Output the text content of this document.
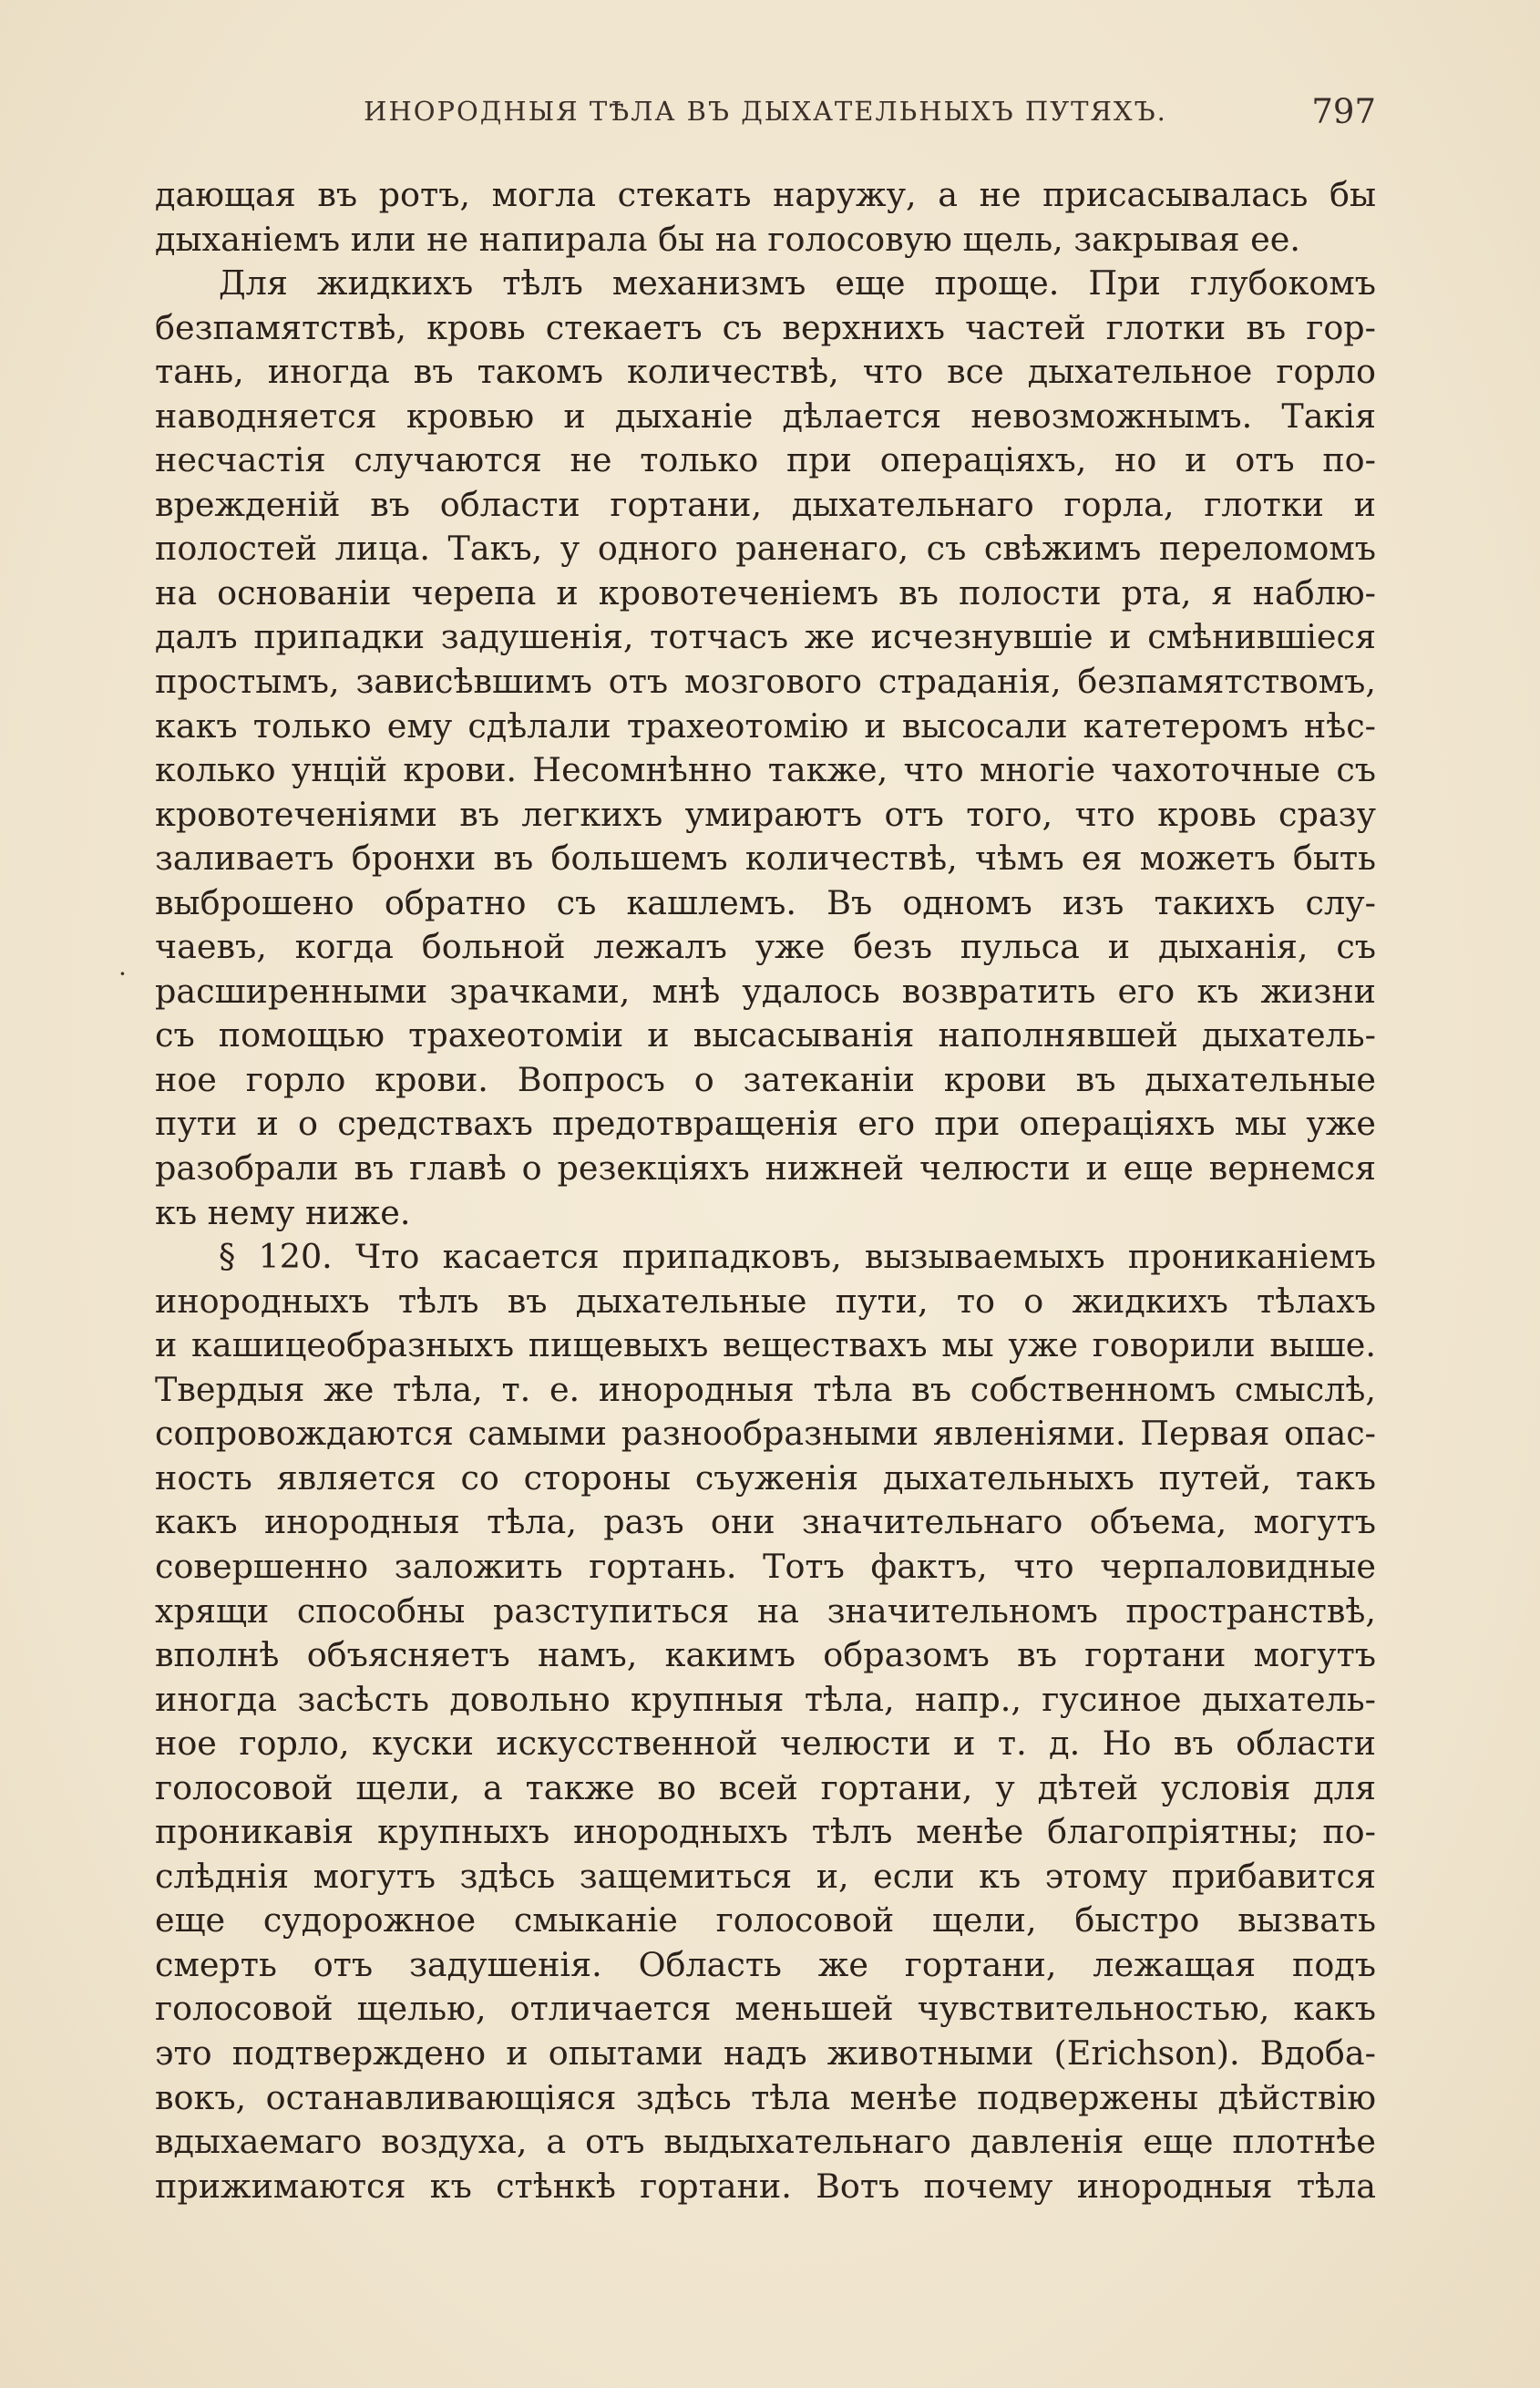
ИНОРОДНЫЯ ТѢЛА ВЪ ДЫХАТЕЛЬНЫХЪ ПУТЯХЪ.	797
·
дающая въ ротъ, могла стекать наружу, а не присасывалась бы
дыханіемъ или не напирала бы на голосовую щель, закрывая ее.
Для жидкихъ тѣлъ механизмъ еще проще. При глубокомъ
безпамятствѣ, кровь стекаетъ съ верхнихъ частей глотки въ гор-
тань, иногда въ такомъ количествѣ, что все дыхательное горло
наводняется кровью и дыханіе дѣлается невозможнымъ. Такія
несчастія случаются не только при операціяхъ, но и отъ по-
врежденій въ области гортани, дыхательнаго горла, глотки и
полостей лица. Такъ, у одного раненаго, съ свѣжимъ переломомъ
на основаніи черепа и кровотеченіемъ въ полости рта, я наблю-
далъ припадки задушенія, тотчасъ же исчезнувшіе и смѣнившіеся
простымъ, зависѣвшимъ отъ мозгового страданія, безпамятствомъ,
какъ только ему сдѣлали трахеотомію и высосали катетеромъ нѣс-
колько унцій крови. Несомнѣнно также, что многіе чахоточные съ
кровотеченіями въ легкихъ умираютъ отъ того, что кровь сразу
заливаетъ бронхи въ большемъ количествѣ, чѣмъ ея можетъ быть
выброшено обратно съ кашлемъ. Въ одномъ изъ такихъ слу-
чаевъ, когда больной лежалъ уже безъ пульса и дыханія, съ
расширенными зрачками, мнѣ удалось возвратить его къ жизни
съ помощью трахеотоміи и высасыванія наполнявшей дыхатель-
ное горло крови. Вопросъ о затеканіи крови въ дыхательные
пути и о средствахъ предотвращенія его при операціяхъ мы уже
разобрали въ главѣ о резекціяхъ нижней челюсти и еще вернемся
къ нему ниже.
§ 120. Что касается припадковъ, вызываемыхъ прониканіемъ
инородныхъ тѣлъ въ дыхательные пути, то о жидкихъ тѣлахъ
и кашицеобразныхъ пищевыхъ веществахъ мы уже говорили выше.
Твердыя же тѣла, т. е. инородныя тѣла въ собственномъ смыслѣ,
сопровождаются самыми разнообразными явленіями. Первая опас-
ность является со стороны съуженія дыхательныхъ путей, такъ
какъ инородныя тѣла, разъ они значительнаго объема, могутъ
совершенно заложить гортань. Тотъ фактъ, что черпаловидные
хрящи способны разступиться на значительномъ пространствѣ,
вполнѣ объясняетъ намъ, какимъ образомъ въ гортани могутъ
иногда засѣсть довольно крупныя тѣла, напр., гусиное дыхатель-
ное горло, куски искусственной челюсти и т. д. Но въ области
голосовой щели, а также во всей гортани, у дѣтей условія для
проникавія крупныхъ инородныхъ тѣлъ менѣе благопріятны; по-
слѣднія могутъ здѣсь защемиться и, если къ этому прибавится
еще судорожное смыканіе голосовой щели, быстро вызвать
смерть отъ задушенія. Область же гортани, лежащая подъ
голосовой щелью, отличается меньшей чувствительностью, какъ
это подтверждено и опытами надъ животными (Erichson). Вдоба-
вокъ, останавливающіяся здѣсь тѣла менѣе подвержены дѣйствію
вдыхаемаго воздуха, а отъ выдыхательнаго давленія еще плотнѣе
прижимаются къ стѣнкѣ гортани. Вотъ почему инородныя тѣла
